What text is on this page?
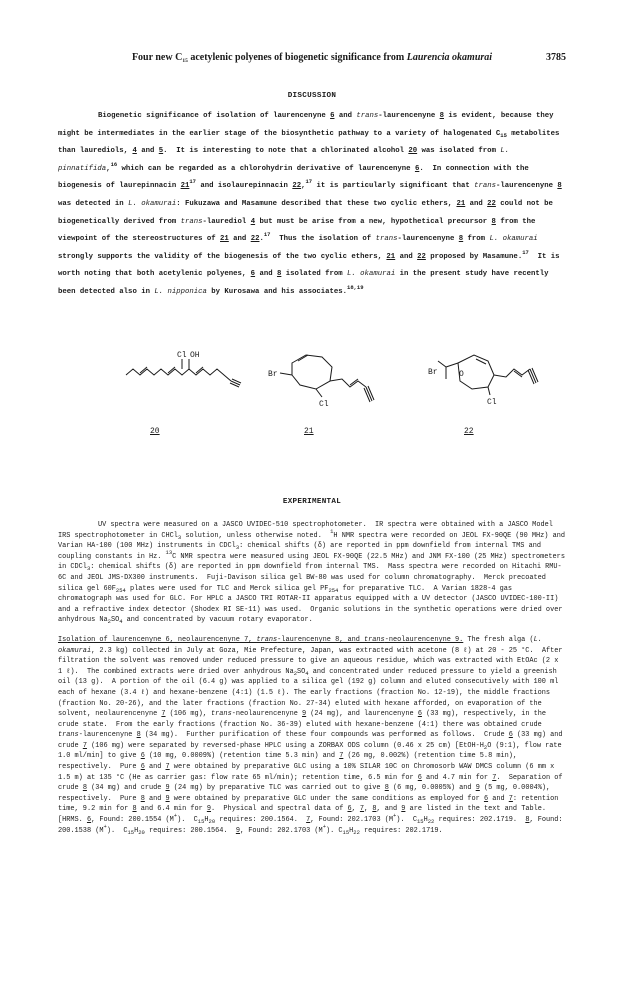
Four new $C_{15}$ acetylenic polyenes of biogenetic significance from Laurencia okamurai	3785
DISCUSSION

Biogenetic significance of isolation of laurencenyne 6 and trans-laurencenyne 8 is evident, because they might be intermediates in the earlier stage of the biosynthetic pathway to a variety of halogenated $C_{15}$ metabolites than laurediols, 4 and 5.  It is interesting to note that a chlorinated alcohol 20 was isolated from L. pinnatifida,$^{16}$ which can be regarded as a chlorohydrin derivative of laurencenyne 6.  In connection with the biogenesis of laurepinnacin $21^{17}$ and isolaurepinnacin 22,17 it is particularly significant that trans-laurencenyne 8 was detected in L. okamurai: Fukuzawa and Masamune described that these two cyclic ethers, 21 and 22 could not be biogenetically derived from trans-laurediol 4 but must be arise from a new, hypothetical precursor 8 from the viewpoint of the stereostructures of 21 and 22.17  Thus the isolation of trans-laurencenyne 8 from L. okamurai strongly supports the validity of the biogenesis of the two cyclic ethers, 21 and 22 proposed by Masamune.$^{17}$  It is worth noting that both acetylenic polyenes, 6 and 8 isolated from L. okamurai in the present study have recently been detected also in L. nipponica by Kurosawa and his associates.$^{18,19}$

Cl OH
Br
Cl
Br	O
Cl
20	21	22
EXPERIMENTAL

UV spectra were measured on a JASCO UVIDEC-510 spectrophotometer.  IR spectra were obtained with a JASCO Model IRS spectrophotometer in CHCl$_3$ solution, unless otherwise noted.  $^1$H NMR spectra were recorded on JEOL FX-90QE (90 MHz) and Varian HA-100 (100 MHz) instruments in CDCl$_3$: chemical shifts (δ) are reported in ppm downfield from internal TMS and coupling constants in Hz. $^{13}$C NMR spectra were measured using JEOL FX-90QE (22.5 MHz) and JNM FX-100 (25 MHz) spectrometers in CDCl$_3$: chemical shifts (δ) are reported in ppm downfield from internal TMS.  Mass spectra were recorded on Hitachi RMU-6C and JEOL JMS-DX300 instruments.  Fuji-Davison silica gel BW-80 was used for column chromatography.  Merck precoated silica gel $60F_{254}$ plates were used for TLC and Merck silica gel $PF_{254}$ for preparative TLC.  A Varian 1828-4 gas chromatograph was used for GLC. For HPLC a JASCO TRI ROTAR-II apparatus equipped with a UV detector (JASCO UVIDEC-100-II) and a refractive index detector (Shodex RI SE-11) was used.  Organic solutions in the synthetic operations were dried over anhydrous $Na_2SO_4$ and concentrated by vacuum rotary evaporator.

Isolation of laurencenyne 6, neolaurencenyne 7, trans-laurencenyne 8, and trans-neolaurencenyne 9. The fresh alga (L. okamurai, 2.3 kg) collected in July at Goza, Mie Prefecture, Japan, was extracted with acetone (8 ℓ) at 20 - 25 °C.  After filtration the solvent was removed under reduced pressure to give an aqueous residue, which was extracted with EtOAc (2 x 1 ℓ).  The combined extracts were dried over anhydrous $Na_2SO_4$ and concentrated under reduced pressure to yield a greenish oil (13 g).  A portion of the oil (6.4 g) was applied to a silica gel (192 g) column and eluted consecutively with 100 ml each of hexane (3.4 ℓ) and hexane-benzene (4:1) (1.5 ℓ). The early fractions (fraction No. 12-19), the middle fractions (fraction No. 20-26), and the later fractions (fraction No. 27-34) eluted with hexane afforded, on evaporation of the solvent, neolaurencenyne 7 (106 mg), trans-neolaurencenyne 9 (24 mg), and laurencenyne 6 (33 mg), respectively, in the crude state.  From the early fractions (fraction No. 36-39) eluted with hexane-benzene (4:1) there was obtained crude trans-laurencenyne 8 (34 mg).  Further purification of these four compounds was performed as follows.  Crude 6 (33 mg) and crude 7 (106 mg) were separated by reversed-phase HPLC using a ZORBAX ODS column (0.46 x 25 cm) [$EtOH-H_2O$ (9:1), flow rate 1.0 ml/min] to give 6 (10 mg, 0.0009%) (retention time 5.3 min) and 7 (26 mg, 0.002%) (retention time 5.8 min), respectively.  Pure 6 and 7 were obtained by preparative GLC using a 10% SILAR 10C on Chromosorb WAW DMCS column (6 mm x 1.5 m) at 135 °C (He as carrier gas: flow rate 65 ml/min); retention time, 6.5 min for 6 and 4.7 min for 7.  Separation of crude 8 (34 mg) and crude 9 (24 mg) by preparative TLC was carried out to give 8 (6 mg, 0.0005%) and 9 (5 mg, 0.0004%), respectively.  Pure 8 and 9 were obtained by preparative GLC under the same conditions as employed for 6 and 7: retention time, 9.2 min for 8 and 6.4 min for 9.  Physical and spectral data of 6, 7, 8, and 9 are listed in the text and Table. [HRMS. 6, Found: 200.1554 (M+).  $C_{15}H_{20}$ requires: 200.1564.  7, Found: 202.1703 (M+).  $C_{15}H_{22}$ requires: 202.1719.  8, Found: 200.1538 (M+).  $C_{15}H_{20}$ requires: 200.1564.  9, Found: 202.1703 (M+). $C_{15}H_{22}$ requires: 202.1719.
